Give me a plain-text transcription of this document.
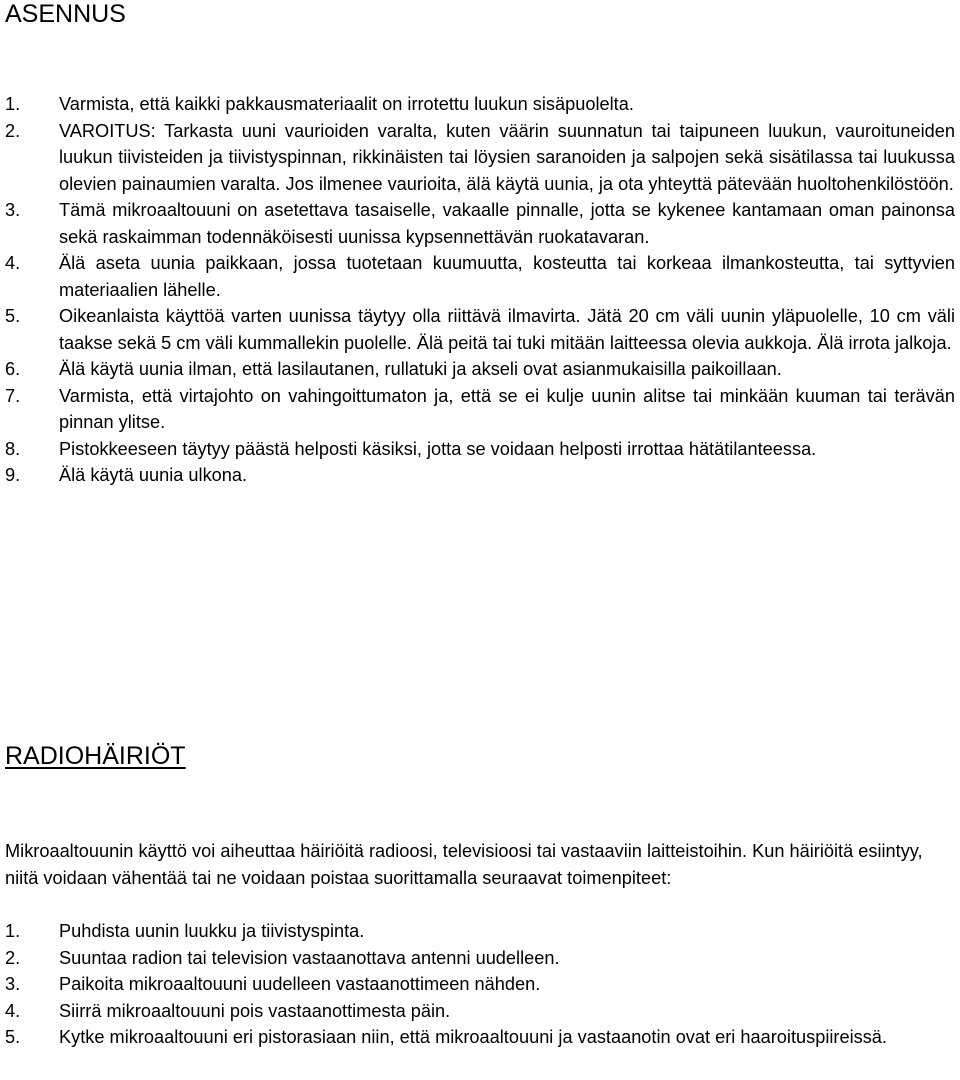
ASENNUS
1. Varmista, että kaikki pakkausmateriaalit on irrotettu luukun sisäpuolelta.
2. VAROITUS: Tarkasta uuni vaurioiden varalta, kuten väärin suunnatun tai taipuneen luukun, vauroituneiden luukun tiivisteiden ja tiivistyspinnan, rikkinäisten tai löysien saranoiden ja salpojen sekä sisätilassa tai luukussa olevien painaumien varalta. Jos ilmenee vaurioita, älä käytä uunia, ja ota yhteyttä pätevään huoltohenkilöstöön.
3. Tämä mikroaaltouuni on asetettava tasaiselle, vakaalle pinnalle, jotta se kykenee kantamaan oman painonsa sekä raskaimman todennäköisesti uunissa kypsennettävän ruokatavaran.
4. Älä aseta uunia paikkaan, jossa tuotetaan kuumuutta, kosteutta tai korkeaa ilmankosteutta, tai syttyvien materiaalien lähelle.
5. Oikeanlaista käyttöä varten uunissa täytyy olla riittävä ilmavirta. Jätä 20 cm väli uunin yläpuolelle, 10 cm väli taakse sekä 5 cm väli kummallekin puolelle. Älä peitä tai tuki mitään laitteessa olevia aukkoja. Älä irrota jalkoja.
6. Älä käytä uunia ilman, että lasilautanen, rullatuki ja akseli ovat asianmukaisilla paikoillaan.
7. Varmista, että virtajohto on vahingoittumaton ja, että se ei kulje uunin alitse tai minkään kuuman tai terävän pinnan ylitse.
8. Pistokkeeseen täytyy päästä helposti käsiksi, jotta se voidaan helposti irrottaa hätätilanteessa.
9. Älä käytä uunia ulkona.
RADIOHÄIRIÖT

Mikroaaltouunin käyttö voi aiheuttaa häiriöitä radioosi, televisioosi tai vastaaviin laitteistoihin. Kun häiriöitä esiintyy, niitä voidaan vähentää tai ne voidaan poistaa suorittamalla seuraavat toimenpiteet:

1. Puhdista uunin luukku ja tiivistyspinta.
2. Suuntaa radion tai television vastaanottava antenni uudelleen.
3. Paikoita mikroaaltouuni uudelleen vastaanottimeen nähden.
4. Siirrä mikroaaltouuni pois vastaanottimesta päin.
5. Kytke mikroaaltouuni eri pistorasiaan niin, että mikroaaltouuni ja vastaanotin ovat eri haaroituspiireissä.
